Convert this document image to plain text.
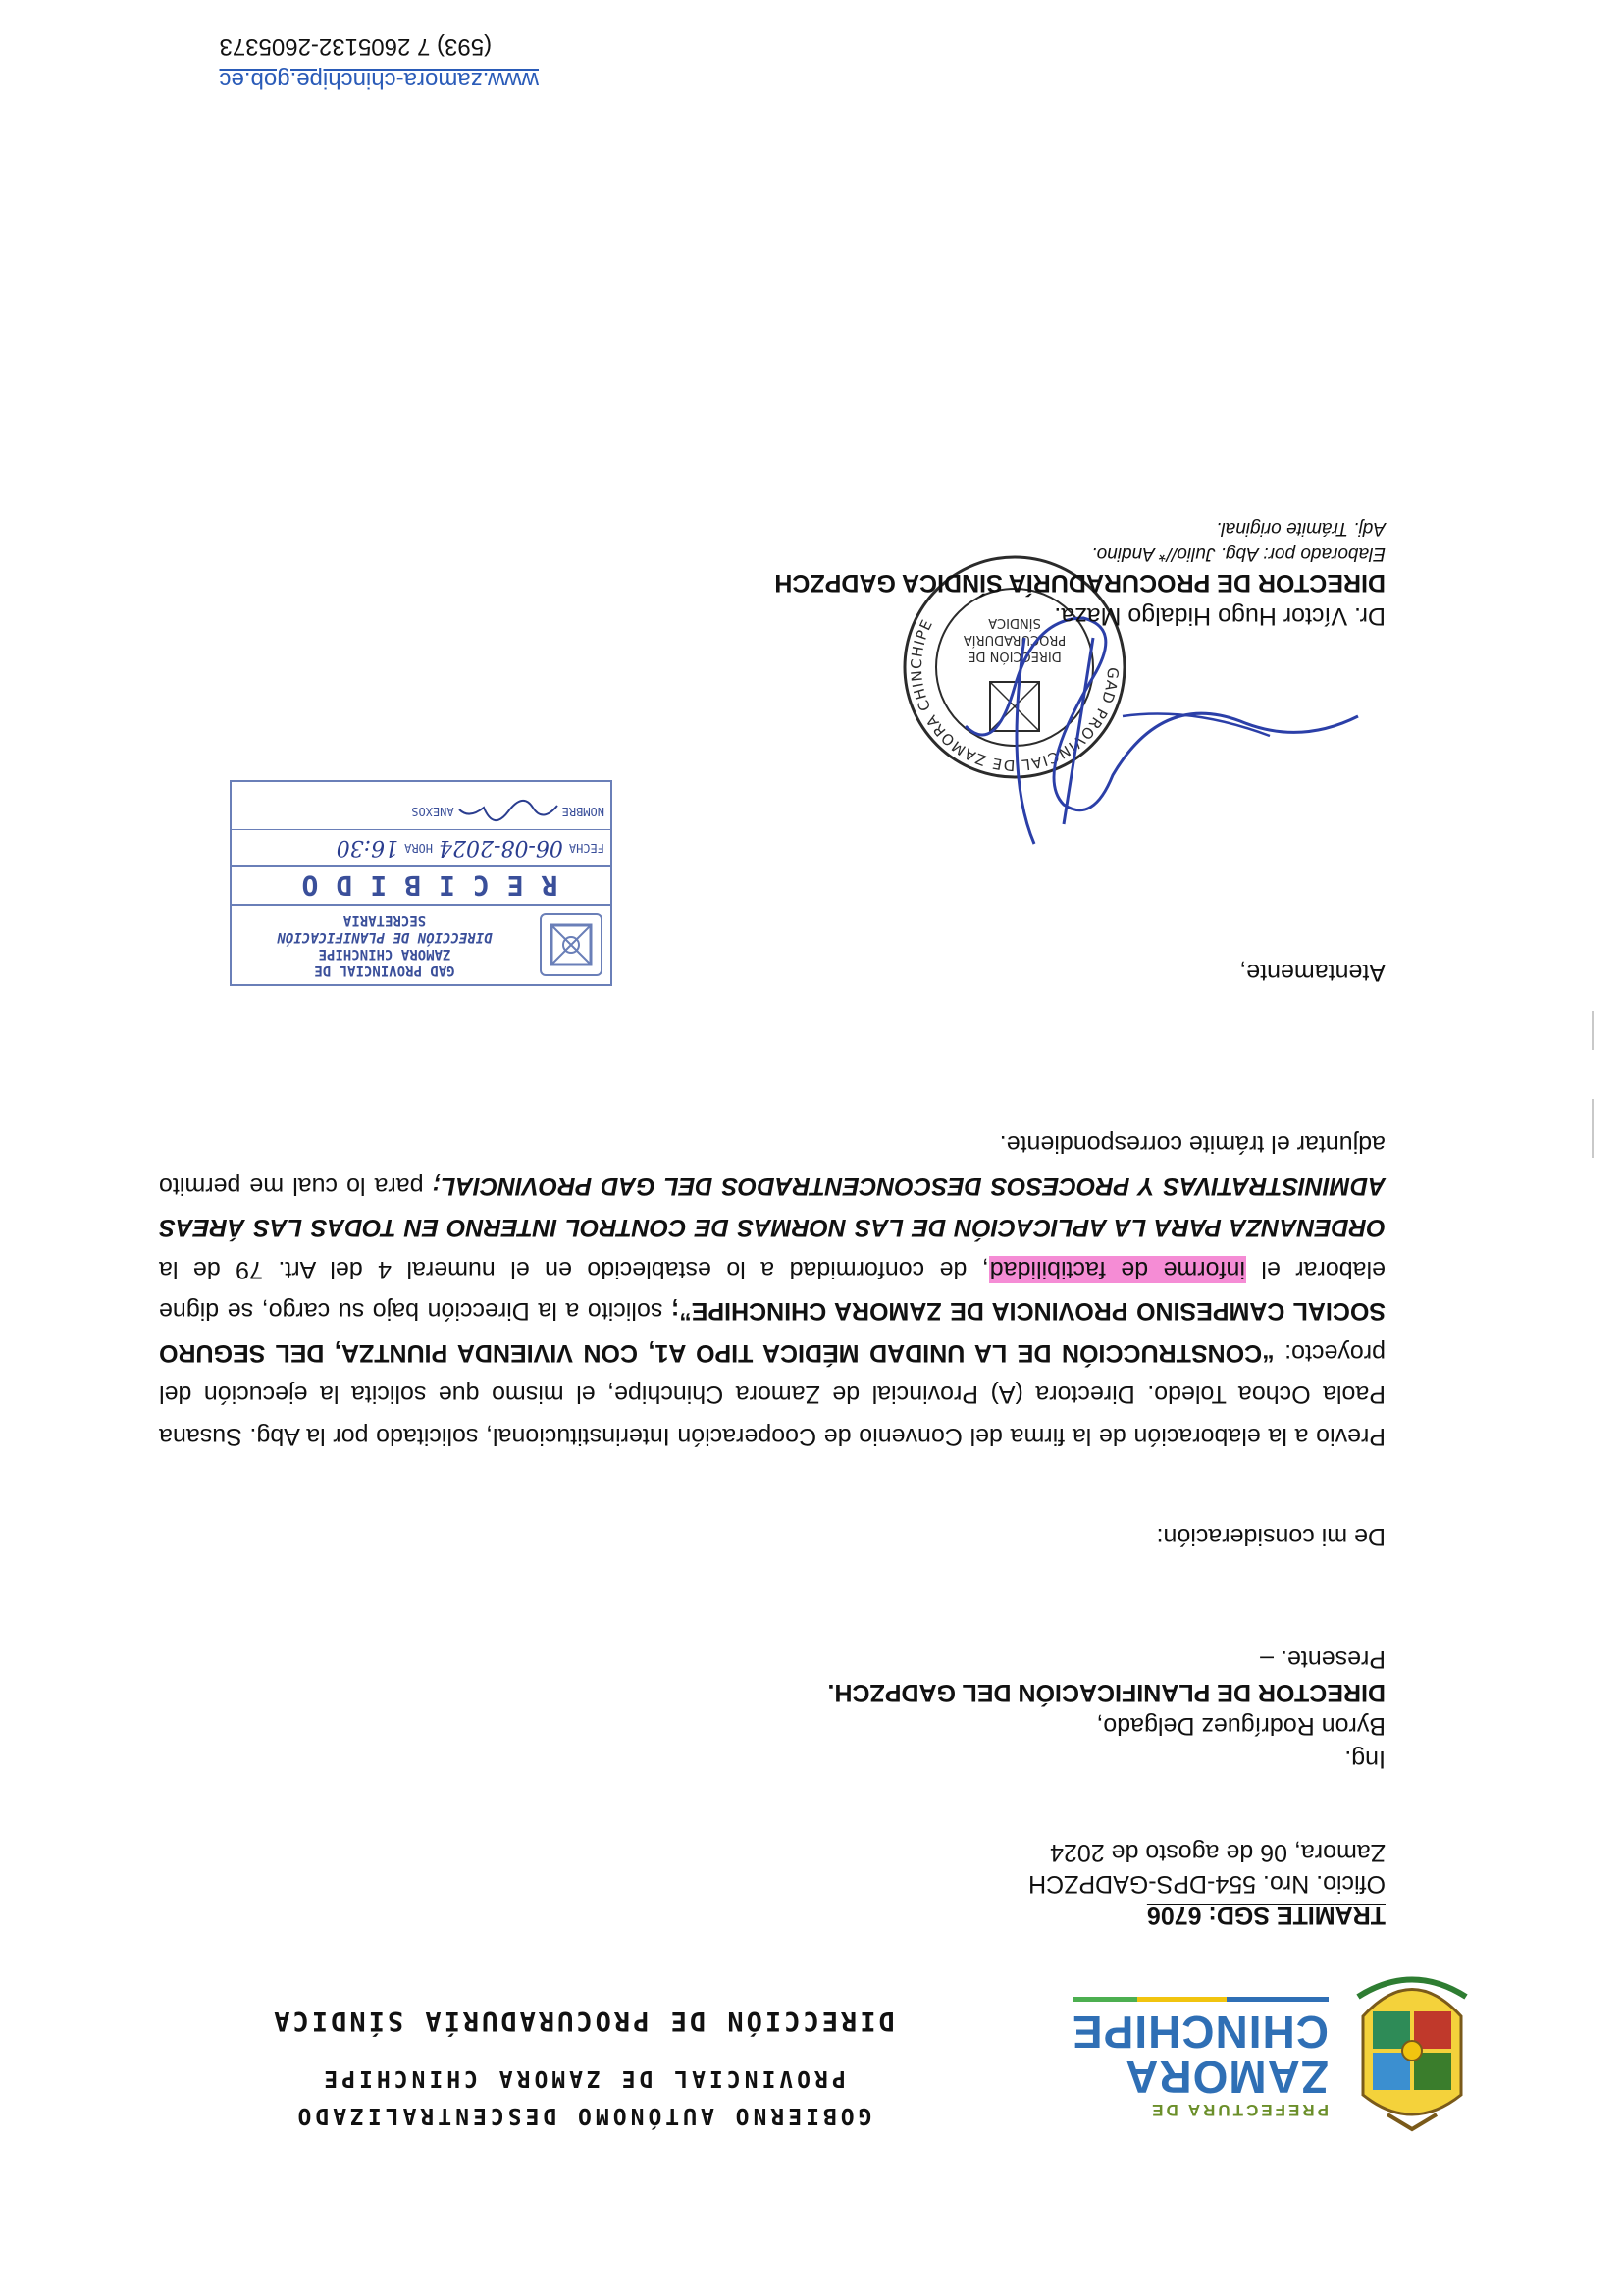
PREFECTURA DE
ZAMORA
CHINCHIPE
GOBIERNO AUTÓNOMO DESCENTRALIZADO
PROVINCIAL DE ZAMORA CHINCHIPE
DIRECCIÓN DE PROCURADURÍA SÍNDICA
TRAMITE SGD: 6706
Oficio. Nro. 554-DPS-GADPZCH
Zamora, 06 de agosto de 2024
Ing.
Byron Rodríguez Delgado,
DIRECTOR DE PLANIFICACIÓN DEL GADPZCH.
Presente. –
De mi consideración:
Previo a la elaboración de la firma del Convenio de Cooperación Interinstitucional, solicitado por la Abg. Susana Paola Ochoa Toledo. Directora (A) Provincial de Zamora Chinchipe, el mismo que solicita la ejecución del proyecto: “CONSTRUCCIÓN DE LA UNIDAD MÉDICA TIPO A1, CON VIVIENDA PIUNTZA, DEL SEGURO SOCIAL CAMPESINO PROVINCIA DE ZAMORA CHINCHIPE”; solicito a la Dirección bajo su cargo, se digne elaborar el informe de factibilidad, de conformidad a lo establecido en el numeral 4 del Art. 79 de la ORDENANZA PARA LA APLICACIÓN DE LAS NORMAS DE CONTROL INTERNO EN TODAS LAS ÁREAS ADMINISTRATIVAS Y PROCESOS DESCONCENTRADOS DEL GAD PROVINCIAL; para lo cual me permito adjuntar el trámite correspondiente.
Atentamente,
GAD PROVINCIAL DE
ZAMORA CHINCHIPE
DIRECCIÓN DE PLANIFICACIÓN
SECRETARIA
RECIBIDO
FECHA
06-08-2024
HORA
16:30
NOMBRE
ANEXOS
GAD PROVINCIAL DE ZAMORA CHINCHIPE
DIRECCIÓN DE
PROCURADURÍA
SÍNDICA Dr. Víctor Hugo Hidalgo Maza.
DIRECTOR DE PROCURADURÍA SÍNDICA GADPZCH
Elaborado por: Abg. Julio//* Andino.
Adj. Trámite original.
www.zamora-chinchipe.gob.ec
(593) 7 2605132-2605373
